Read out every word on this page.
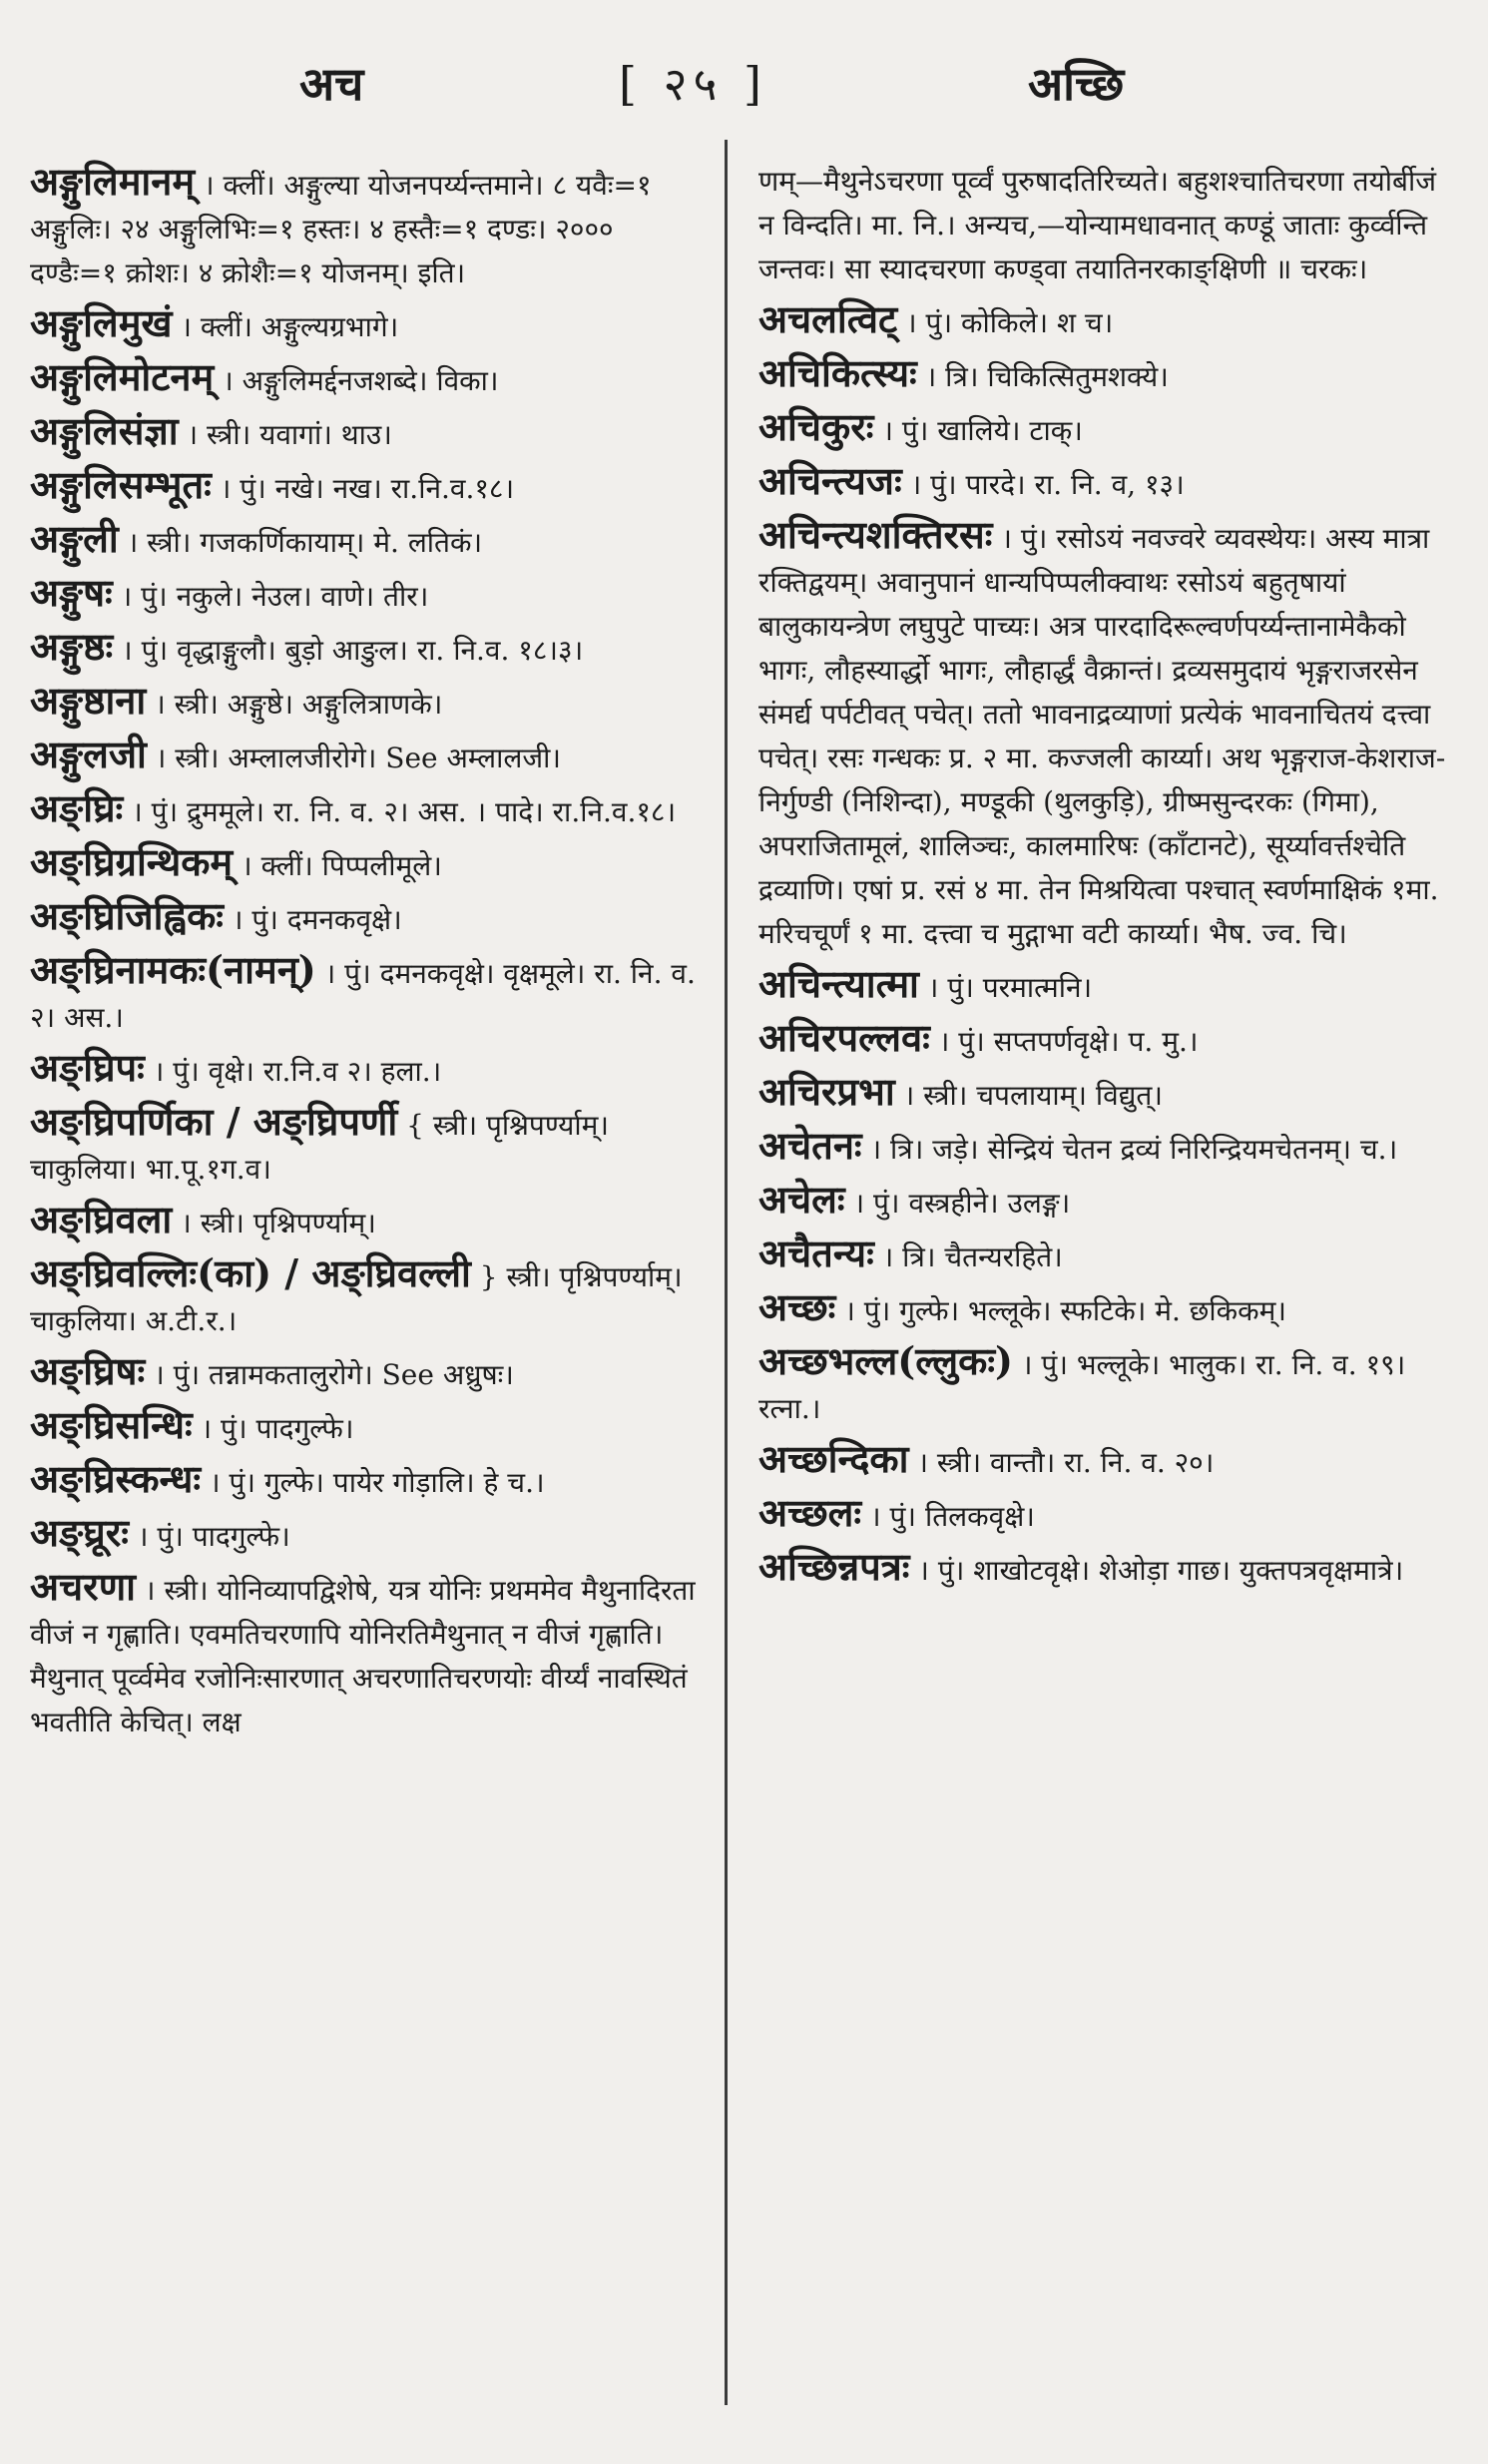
अच	[ २५ ]	अच्छि

अङ्गुलिमानम् । क्लीं। अङ्गुल्या योजनपर्य्यन्तमाने। ८ यवैः=१ अङ्गुलिः। २४ अङ्गुलिभिः=१ हस्तः। ४ हस्तैः=१ दण्डः। २००० दण्डैः=१ क्रोशः। ४ क्रोशैः=१ योजनम्। इति।

अङ्गुलिमुखं । क्लीं। अङ्गुल्यग्रभागे।

अङ्गुलिमोटनम् । अङ्गुलिमर्द्दनजशब्दे। विका।

अङ्गुलिसंज्ञा । स्त्री। यवागां। थाउ।

अङ्गुलिसम्भूतः । पुं। नखे। नख। रा.नि.व.१८।

अङ्गुली । स्त्री। गजकर्णिकायाम्। मे. लतिकं।

अङ्गुषः । पुं। नकुले। नेउल। वाणे। तीर।

अङ्गुष्ठः । पुं। वृद्धाङ्गुलौ। बुड़ो आङुल। रा. नि.व. १८।३।

अङ्गुष्ठाना । स्त्री। अङ्गुष्ठे। अङ्गुलित्राणके।

अङ्गुलजी । स्त्री। अम्लालजीरोगे। See अम्लालजी।

अङ्घ्रिः । पुं। द्रुममूले। रा. नि. व. २। अस. । पादे। रा.नि.व.१८।

अङ्घ्रिग्रन्थिकम् । क्लीं। पिप्पलीमूले।

अङ्घ्रिजिह्विकः । पुं। दमनकवृक्षे।

अङ्घ्रिनामकः(नामन्) । पुं। दमनकवृक्षे। वृक्षमूले। रा. नि. व. २। अस.।

अङ्घ्रिपः । पुं। वृक्षे। रा.नि.व २। हला.।

अङ्घ्रिपर्णिका / अङ्घ्रिपर्णी { स्त्री। पृश्निपर्ण्याम्। चाकुलिया। भा.पू.१ग.व।

अङ्घ्रिवला । स्त्री। पृश्निपर्ण्याम्।

अङ्घ्रिवल्लिः(का) / अङ्घ्रिवल्ली } स्त्री। पृश्निपर्ण्याम्। चाकुलिया। अ.टी.र.।

अङ्घ्रिषः । पुं। तन्नामकतालुरोगे। See अध्रुषः।

अङ्घ्रिसन्धिः । पुं। पादगुल्फे।

अङ्घ्रिस्कन्धः । पुं। गुल्फे। पायेर गोड़ालि। हे च.।

अङ्घ्रूरः । पुं। पादगुल्फे।

अचरणा । स्त्री। योनिव्यापद्विशेषे, यत्र योनिः प्रथममेव मैथुनादिरता वीजं न गृह्णाति। एवमतिचरणापि योनिरतिमैथुनात् न वीजं गृह्णाति। मैथुनात् पूर्व्वमेव रजोनिःसारणात् अचरणातिचरणयोः वीर्य्यं नावस्थितं भवतीति केचित्। लक्ष

णम्—मैथुनेऽचरणा पूर्व्वं पुरुषादतिरिच्यते। बहुशश्चातिचरणा तयोर्बीजं न विन्दति। मा. नि.। अन्यच,—योन्यामधावनात् कण्डूं जाताः कुर्व्वन्ति जन्तवः। सा स्यादचरणा कण्ड्वा तयातिनरकाङ्क्षिणी ॥ चरकः।

अचलत्विट् । पुं। कोकिले। श च।

अचिकित्स्यः । त्रि। चिकित्सितुमशक्ये।

अचिकुरः । पुं। खालिये। टाक्।

अचिन्त्यजः । पुं। पारदे। रा. नि. व, १३।

अचिन्त्यशक्तिरसः । पुं। रसोऽयं नवज्वरे व्यवस्थेयः। अस्य मात्रा रक्तिद्वयम्। अवानुपानं धान्यपिप्पलीक्वाथः रसोऽयं बहुतृषायां बालुकायन्त्रेण लघुपुटे पाच्यः। अत्र पारदादिरूल्वर्णपर्य्यन्तानामेकैको भागः, लौहस्यार्द्धो भागः, लौहार्द्धं वैक्रान्तं। द्रव्यसमुदायं भृङ्गराजरसेन संमर्द्य पर्पटीवत् पचेत्। ततो भावनाद्रव्याणां प्रत्येकं भावनाचितयं दत्त्वा पचेत्। रसः गन्धकः प्र. २ मा. कज्जली कार्य्या। अथ भृङ्गराज-केशराज-निर्गुण्डी (निशिन्दा), मण्डूकी (थुलकुड़ि), ग्रीष्मसुन्दरकः (गिमा), अपराजितामूलं, शालिञ्चः, कालमारिषः (काँटानटे), सूर्य्यावर्त्तश्चेति द्रव्याणि। एषां प्र. रसं ४ मा. तेन मिश्रयित्वा पश्चात् स्वर्णमाक्षिकं १मा. मरिचचूर्णं १ मा. दत्त्वा च मुद्गाभा वटी कार्य्या। भैष. ज्व. चि।

अचिन्त्यात्मा । पुं। परमात्मनि।

अचिरपल्लवः । पुं। सप्तपर्णवृक्षे। प. मु.।

अचिरप्रभा । स्त्री। चपलायाम्। विद्युत्।

अचेतनः । त्रि। जड़े। सेन्द्रियं चेतन द्रव्यं निरिन्द्रियमचेतनम्। च.।

अचेलः । पुं। वस्त्रहीने। उलङ्ग।

अचैतन्यः । त्रि। चैतन्यरहिते।

अच्छः । पुं। गुल्फे। भल्लूके। स्फटिके। मे. छकिकम्।

अच्छभल्ल(ल्लुकः) । पुं। भल्लूके। भालुक। रा. नि. व. १९। रत्ना.।

अच्छन्दिका । स्त्री। वान्तौ। रा. नि. व. २०।

अच्छलः । पुं। तिलकवृक्षे।

अच्छिन्नपत्रः । पुं। शाखोटवृक्षे। शेओड़ा गाछ। युक्तपत्रवृक्षमात्रे।
